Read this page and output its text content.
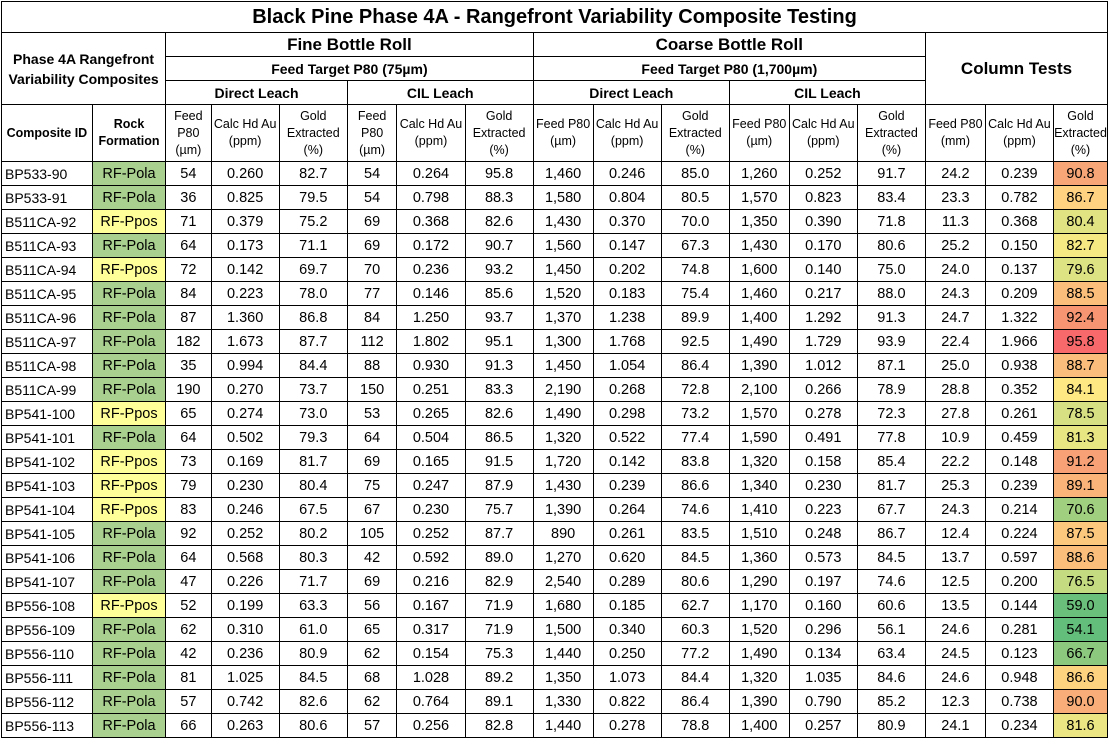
Black Pine Phase 4A - Rangefront Variability Composite Testing																
Phase 4A Rangefront Variability Composites		Fine Bottle Roll						Coarse Bottle Roll						Column Tests		
		Feed Target P80 (75µm)						Feed Target P80 (1,700µm)								
		Direct Leach			CIL Leach			Direct Leach			CIL Leach					
Composite ID	Rock Formation	Feed P80 (µm)	Calc Hd Au (ppm)	Gold Extracted (%)	Feed P80 (µm)	Calc Hd Au (ppm)	Gold Extracted (%)	Feed P80 (µm)	Calc Hd Au (ppm)	Gold Extracted (%)	Feed P80 (µm)	Calc Hd Au (ppm)	Gold Extracted (%)	Feed P80 (mm)	Calc Hd Au (ppm)	Gold Extracted (%)
BP533-90	RF-Pola	54	0.260	82.7	54	0.264	95.8	1,460	0.246	85.0	1,260	0.252	91.7	24.2	0.239	90.8
BP533-91	RF-Pola	36	0.825	79.5	54	0.798	88.3	1,580	0.804	80.5	1,570	0.823	83.4	23.3	0.782	86.7
B511CA-92	RF-Ppos	71	0.379	75.2	69	0.368	82.6	1,430	0.370	70.0	1,350	0.390	71.8	11.3	0.368	80.4
B511CA-93	RF-Pola	64	0.173	71.1	69	0.172	90.7	1,560	0.147	67.3	1,430	0.170	80.6	25.2	0.150	82.7
B511CA-94	RF-Ppos	72	0.142	69.7	70	0.236	93.2	1,450	0.202	74.8	1,600	0.140	75.0	24.0	0.137	79.6
B511CA-95	RF-Pola	84	0.223	78.0	77	0.146	85.6	1,520	0.183	75.4	1,460	0.217	88.0	24.3	0.209	88.5
B511CA-96	RF-Pola	87	1.360	86.8	84	1.250	93.7	1,370	1.238	89.9	1,400	1.292	91.3	24.7	1.322	92.4
B511CA-97	RF-Pola	182	1.673	87.7	112	1.802	95.1	1,300	1.768	92.5	1,490	1.729	93.9	22.4	1.966	95.8
B511CA-98	RF-Pola	35	0.994	84.4	88	0.930	91.3	1,450	1.054	86.4	1,390	1.012	87.1	25.0	0.938	88.7
B511CA-99	RF-Pola	190	0.270	73.7	150	0.251	83.3	2,190	0.268	72.8	2,100	0.266	78.9	28.8	0.352	84.1
BP541-100	RF-Ppos	65	0.274	73.0	53	0.265	82.6	1,490	0.298	73.2	1,570	0.278	72.3	27.8	0.261	78.5
BP541-101	RF-Pola	64	0.502	79.3	64	0.504	86.5	1,320	0.522	77.4	1,590	0.491	77.8	10.9	0.459	81.3
BP541-102	RF-Ppos	73	0.169	81.7	69	0.165	91.5	1,720	0.142	83.8	1,320	0.158	85.4	22.2	0.148	91.2
BP541-103	RF-Ppos	79	0.230	80.4	75	0.247	87.9	1,430	0.239	86.6	1,340	0.230	81.7	25.3	0.239	89.1
BP541-104	RF-Ppos	83	0.246	67.5	67	0.230	75.7	1,390	0.264	74.6	1,410	0.223	67.7	24.3	0.214	70.6
BP541-105	RF-Pola	92	0.252	80.2	105	0.252	87.7	890	0.261	83.5	1,510	0.248	86.7	12.4	0.224	87.5
BP541-106	RF-Pola	64	0.568	80.3	42	0.592	89.0	1,270	0.620	84.5	1,360	0.573	84.5	13.7	0.597	88.6
BP541-107	RF-Pola	47	0.226	71.7	69	0.216	82.9	2,540	0.289	80.6	1,290	0.197	74.6	12.5	0.200	76.5
BP556-108	RF-Ppos	52	0.199	63.3	56	0.167	71.9	1,680	0.185	62.7	1,170	0.160	60.6	13.5	0.144	59.0
BP556-109	RF-Pola	62	0.310	61.0	65	0.317	71.9	1,500	0.340	60.3	1,520	0.296	56.1	24.6	0.281	54.1
BP556-110	RF-Pola	42	0.236	80.9	62	0.154	75.3	1,440	0.250	77.2	1,490	0.134	63.4	24.5	0.123	66.7
BP556-111	RF-Pola	81	1.025	84.5	68	1.028	89.2	1,350	1.073	84.4	1,320	1.035	84.6	24.6	0.948	86.6
BP556-112	RF-Pola	57	0.742	82.6	62	0.764	89.1	1,330	0.822	86.4	1,390	0.790	85.2	12.3	0.738	90.0
BP556-113	RF-Pola	66	0.263	80.6	57	0.256	82.8	1,440	0.278	78.8	1,400	0.257	80.9	24.1	0.234	81.6
